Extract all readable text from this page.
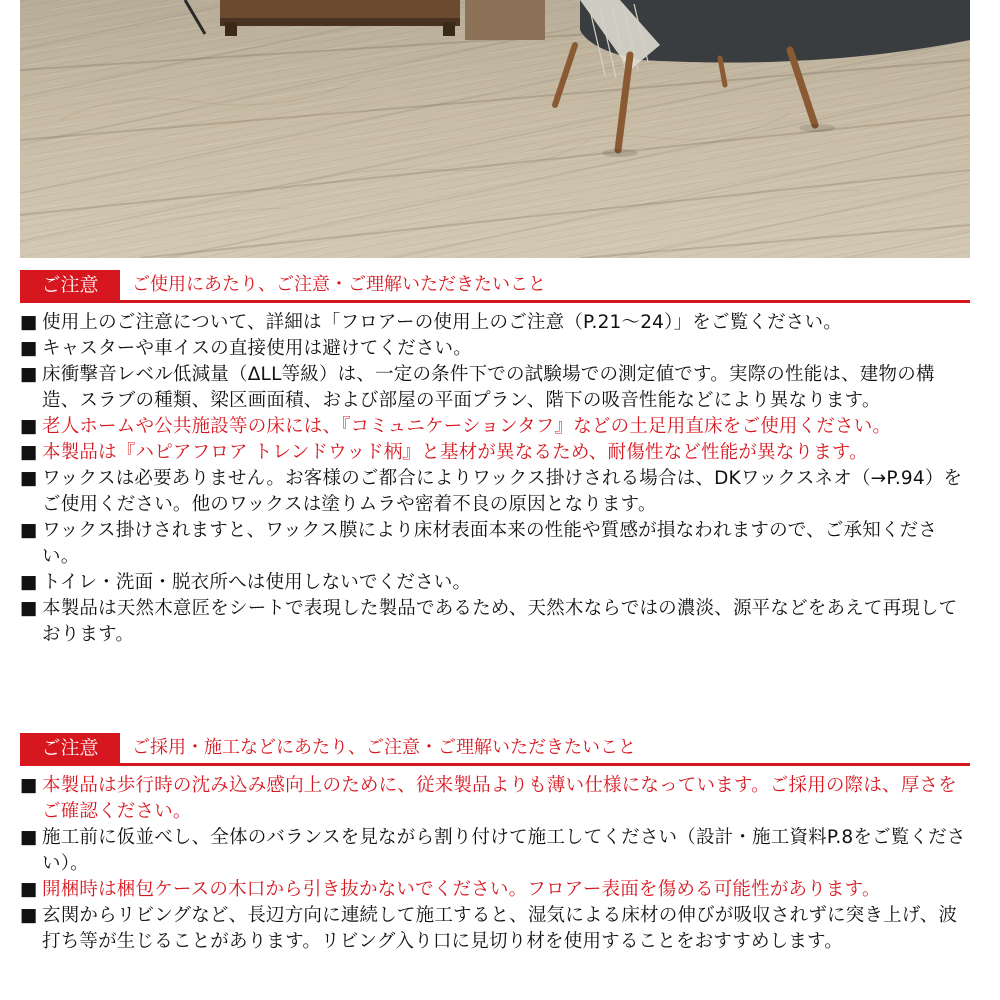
ご注意	ご使用にあたり、ご注意・ご理解いただきたいこと
■ 使用上のご注意について、詳細は「フロアーの使用上のご注意（P.21〜24）」をご覧ください。
■ キャスターや車イスの直接使用は避けてください。
■ 床衝撃音レベル低減量（ΔLL等級）は、一定の条件下での試験場での測定値です。実際の性能は、建物の構造、スラブの種類、梁区画面積、および部屋の平面プラン、階下の吸音性能などにより異なります。
■ 老人ホームや公共施設等の床には、『コミュニケーションタフ』などの土足用直床をご使用ください。
■ 本製品は『ハピアフロア トレンドウッド柄』と基材が異なるため、耐傷性など性能が異なります。
■ ワックスは必要ありません。お客様のご都合によりワックス掛けされる場合は、DKワックスネオ（→P.94）をご使用ください。他のワックスは塗りムラや密着不良の原因となります。
■ ワックス掛けされますと、ワックス膜により床材表面本来の性能や質感が損なわれますので、ご承知ください。
■ トイレ・洗面・脱衣所へは使用しないでください。
■ 本製品は天然木意匠をシートで表現した製品であるため、天然木ならではの濃淡、源平などをあえて再現しております。
ご注意	ご採用・施工などにあたり、ご注意・ご理解いただきたいこと
■ 本製品は歩行時の沈み込み感向上のために、従来製品よりも薄い仕様になっています。ご採用の際は、厚さをご確認ください。
■ 施工前に仮並べし、全体のバランスを見ながら割り付けて施工してください（設計・施工資料P.8をご覧ください）。
■ 開梱時は梱包ケースの木口から引き抜かないでください。フロアー表面を傷める可能性があります。
■ 玄関からリビングなど、長辺方向に連続して施工すると、湿気による床材の伸びが吸収されずに突き上げ、波打ち等が生じることがあります。リビング入り口に見切り材を使用することをおすすめします。
